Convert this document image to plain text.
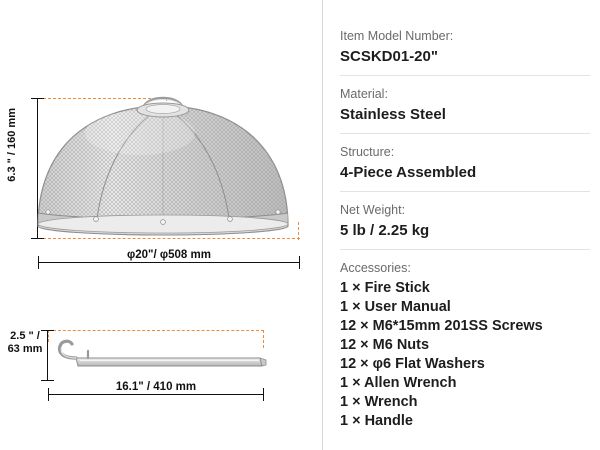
6.3 " / 160 mm
φ20"/ φ508 mm
2.5 " /
63 mm
16.1" / 410 mm
Item Model Number:
SCSKD01-20"
Material:
Stainless Steel
Structure:
4-Piece Assembled
Net Weight:
5 lb / 2.25 kg
Accessories:
1 × Fire Stick
1 × User Manual
12 × M6*15mm 201SS Screws
12 × M6 Nuts
12 × φ6 Flat Washers
1 × Allen Wrench
1 × Wrench
1 × Handle
